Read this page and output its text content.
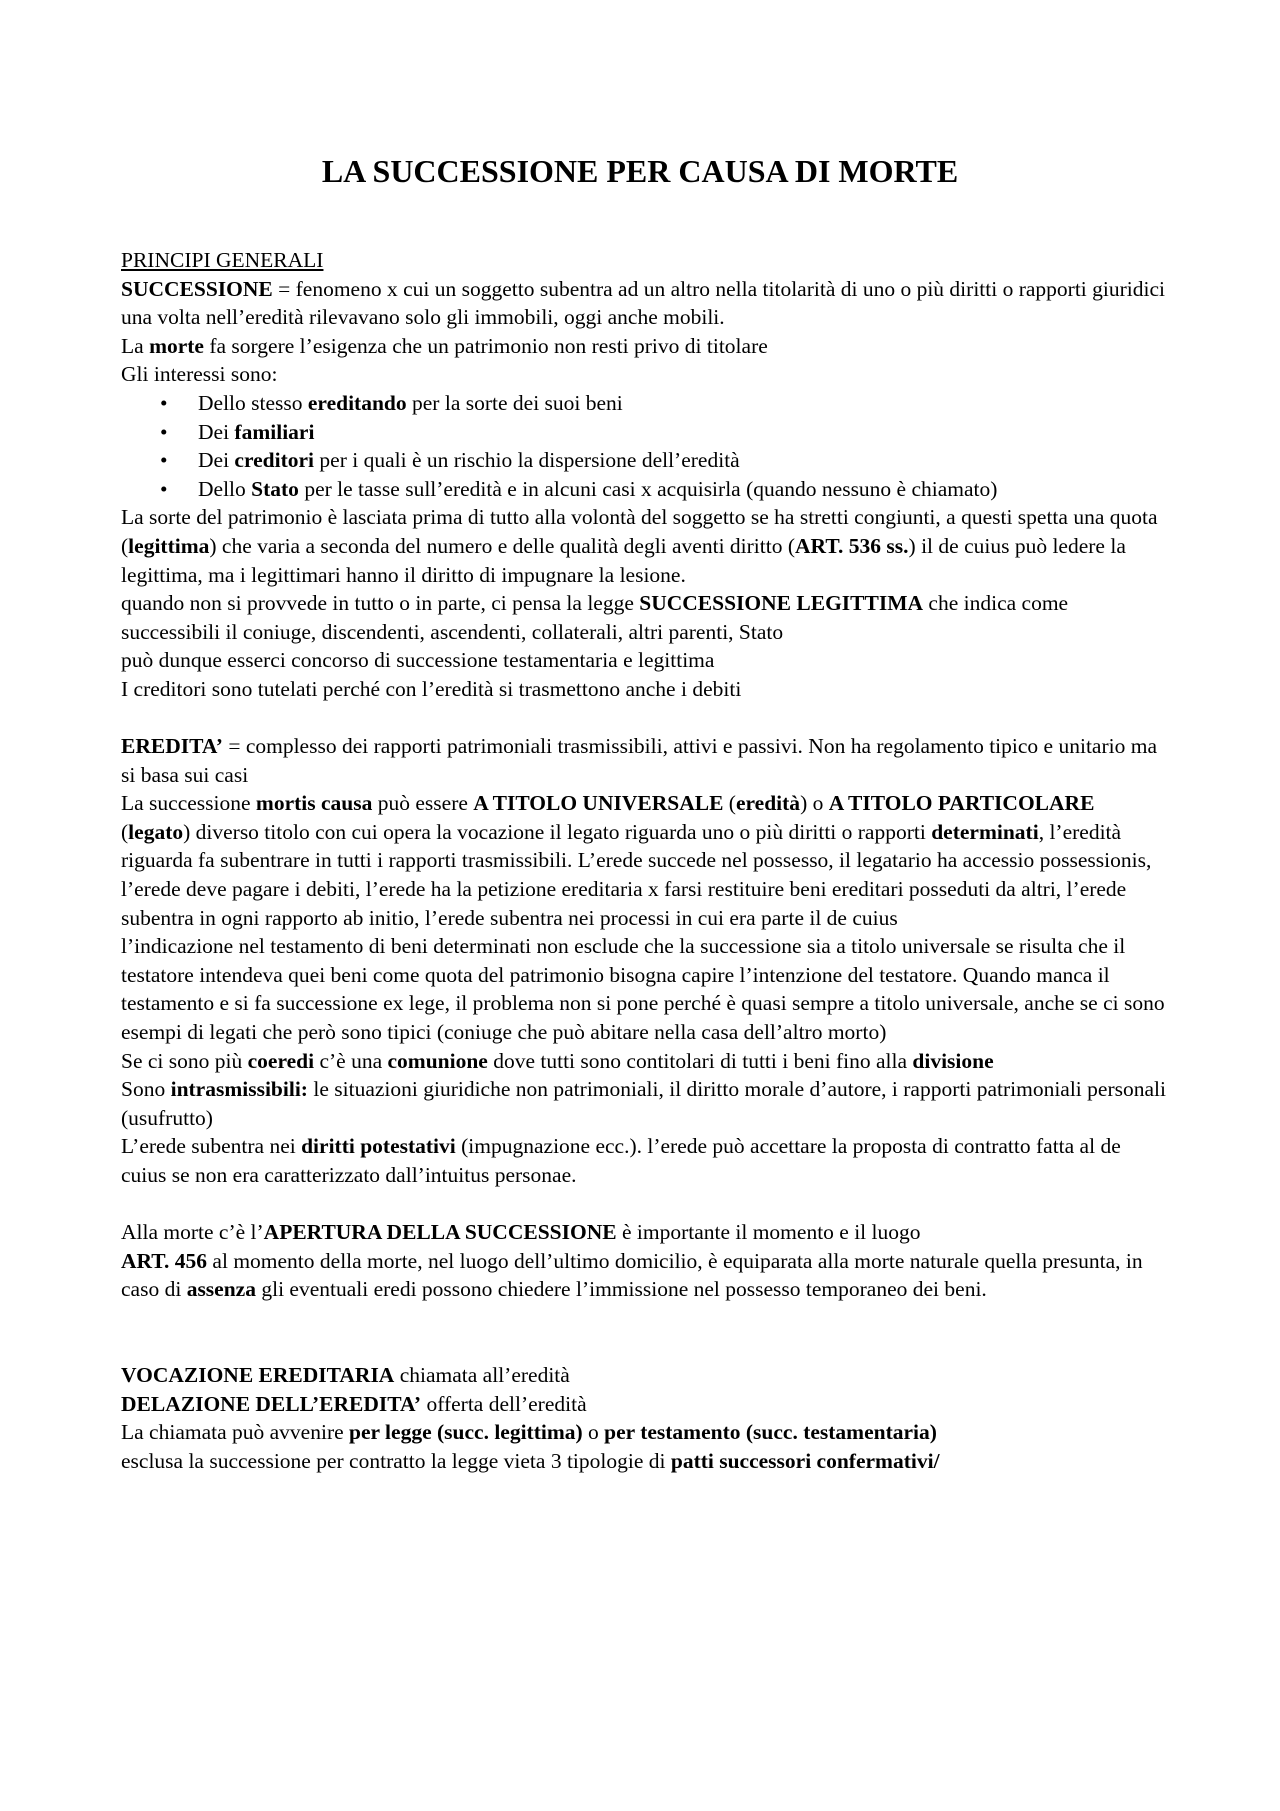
LA SUCCESSIONE PER CAUSA DI MORTE

PRINCIPI GENERALI

SUCCESSIONE = fenomeno x cui un soggetto subentra ad un altro nella titolarità di uno o più diritti o rapporti giuridici

una volta nell’eredità rilevavano solo gli immobili, oggi anche mobili.

La morte fa sorgere l’esigenza che un patrimonio non resti privo di titolare

Gli interessi sono:

• Dello stesso ereditando per la sorte dei suoi beni
• Dei familiari
• Dei creditori per i quali è un rischio la dispersione dell’eredità
• Dello Stato per le tasse sull’eredità e in alcuni casi x acquisirla (quando nessuno è chiamato)

La sorte del patrimonio è lasciata prima di tutto alla volontà del soggetto se ha stretti congiunti, a questi spetta una quota (legittima) che varia a seconda del numero e delle qualità degli aventi diritto (ART. 536 ss.) il de cuius può ledere la legittima, ma i legittimari hanno il diritto di impugnare la lesione.

quando non si provvede in tutto o in parte, ci pensa la legge SUCCESSIONE LEGITTIMA che indica come successibili il coniuge, discendenti, ascendenti, collaterali, altri parenti, Stato

può dunque esserci concorso di successione testamentaria e legittima

I creditori sono tutelati perché con l’eredità si trasmettono anche i debiti

EREDITA’ = complesso dei rapporti patrimoniali trasmissibili, attivi e passivi. Non ha regolamento tipico e unitario ma si basa sui casi

La successione mortis causa può essere A TITOLO UNIVERSALE (eredità) o A TITOLO PARTICOLARE (legato) diverso titolo con cui opera la vocazione il legato riguarda uno o più diritti o rapporti determinati, l’eredità riguarda fa subentrare in tutti i rapporti trasmissibili. L’erede succede nel possesso, il legatario ha accessio possessionis, l’erede deve pagare i debiti, l’erede ha la petizione ereditaria x farsi restituire beni ereditari posseduti da altri, l’erede subentra in ogni rapporto ab initio, l’erede subentra nei processi in cui era parte il de cuius

l’indicazione nel testamento di beni determinati non esclude che la successione sia a titolo universale se risulta che il testatore intendeva quei beni come quota del patrimonio bisogna capire l’intenzione del testatore. Quando manca il testamento e si fa successione ex lege, il problema non si pone perché è quasi sempre a titolo universale, anche se ci sono esempi di legati che però sono tipici (coniuge che può abitare nella casa dell’altro morto)

Se ci sono più coeredi c’è una comunione dove tutti sono contitolari di tutti i beni fino alla divisione

Sono intrasmissibili: le situazioni giuridiche non patrimoniali, il diritto morale d’autore, i rapporti patrimoniali personali (usufrutto)

L’erede subentra nei diritti potestativi (impugnazione ecc.). l’erede può accettare la proposta di contratto fatta al de cuius se non era caratterizzato dall’intuitus personae.

Alla morte c’è l’APERTURA DELLA SUCCESSIONE è importante il momento e il luogo

ART. 456 al momento della morte, nel luogo dell’ultimo domicilio, è equiparata alla morte naturale quella presunta, in caso di assenza gli eventuali eredi possono chiedere l’immissione nel possesso temporaneo dei beni.

VOCAZIONE EREDITARIA chiamata all’eredità

DELAZIONE DELL’EREDITA’ offerta dell’eredità

La chiamata può avvenire per legge (succ. legittima) o per testamento (succ. testamentaria)

esclusa la successione per contratto la legge vieta 3 tipologie di patti successori confermativi/
